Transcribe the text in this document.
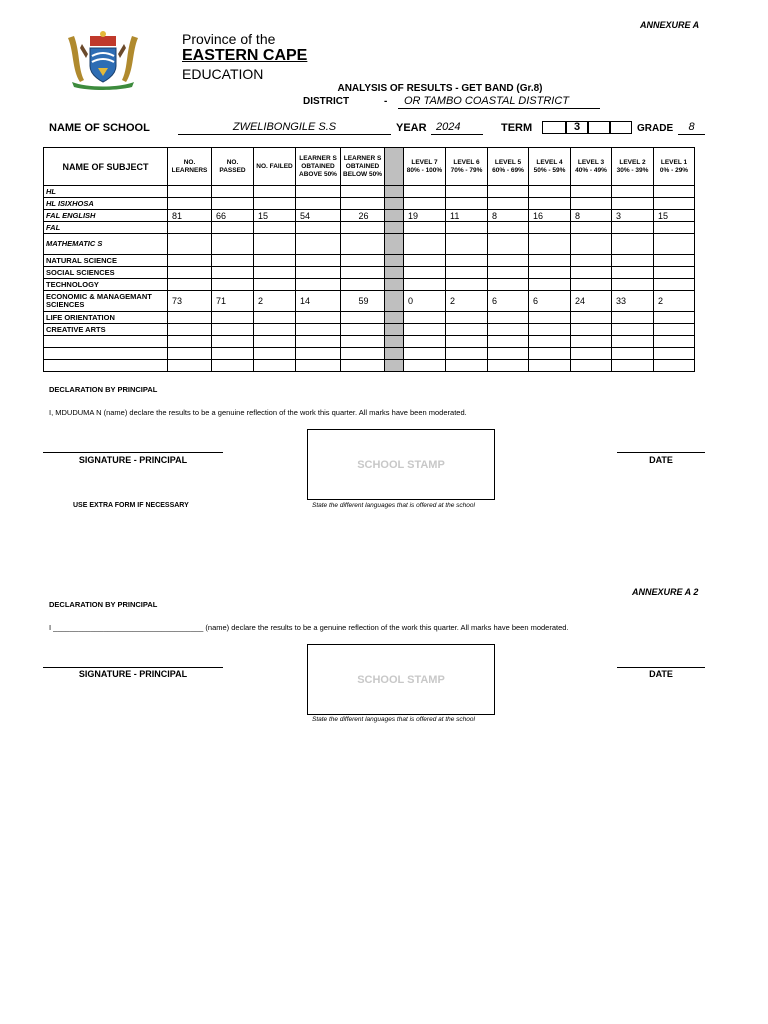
ANNEXURE A
Province of the
EASTERN CAPE
EDUCATION
ANALYSIS OF RESULTS - GET BAND (Gr.8)
DISTRICT	-	OR TAMBO COASTAL DISTRICT
NAME OF SCHOOL	ZWELIBONGILE S.S	YEAR 2024	TERM	3	GRADE	8
NAME OF SUBJECT	NO. LEARNERS	NO. PASSED	NO. FAILED	LEARNER S OBTAINED ABOVE 50%	LEARNER S OBTAINED BELOW 50%		LEVEL 7 80% - 100%	LEVEL 6 70% - 79%	LEVEL 5 60% - 69%	LEVEL 4 50% - 59%	LEVEL 3 40% - 49%	LEVEL 2 30% - 39%	LEVEL 1 0% - 29%
HL													
HL ISIXHOSA													
FAL ENGLISH	81	66	15	54	26		19	11	8	16	8	3	15
FAL													
MATHEMATIC S													
NATURAL SCIENCE													
SOCIAL SCIENCES													
TECHNOLOGY													
ECONOMIC & MANAGEMANT SCIENCES	73	71	2	14	59		0	2	6	6	24	33	2
LIFE ORIENTATION													
CREATIVE ARTS													

DECLARATION BY PRINCIPAL
I, MDUDUMA N (name) declare the results to be a genuine reflection of the work this quarter. All marks have been moderated.
SIGNATURE - PRINCIPAL	SCHOOL STAMP	DATE
USE EXTRA FORM IF NECESSARY	State the different languages that is offered at the school
ANNEXURE A 2
DECLARATION BY PRINCIPAL
I ____________________________________ (name) declare the results to be a genuine reflection of the work this quarter. All marks have been moderated.
SIGNATURE - PRINCIPAL	SCHOOL STAMP	DATE
State the different languages that is offered at the school
